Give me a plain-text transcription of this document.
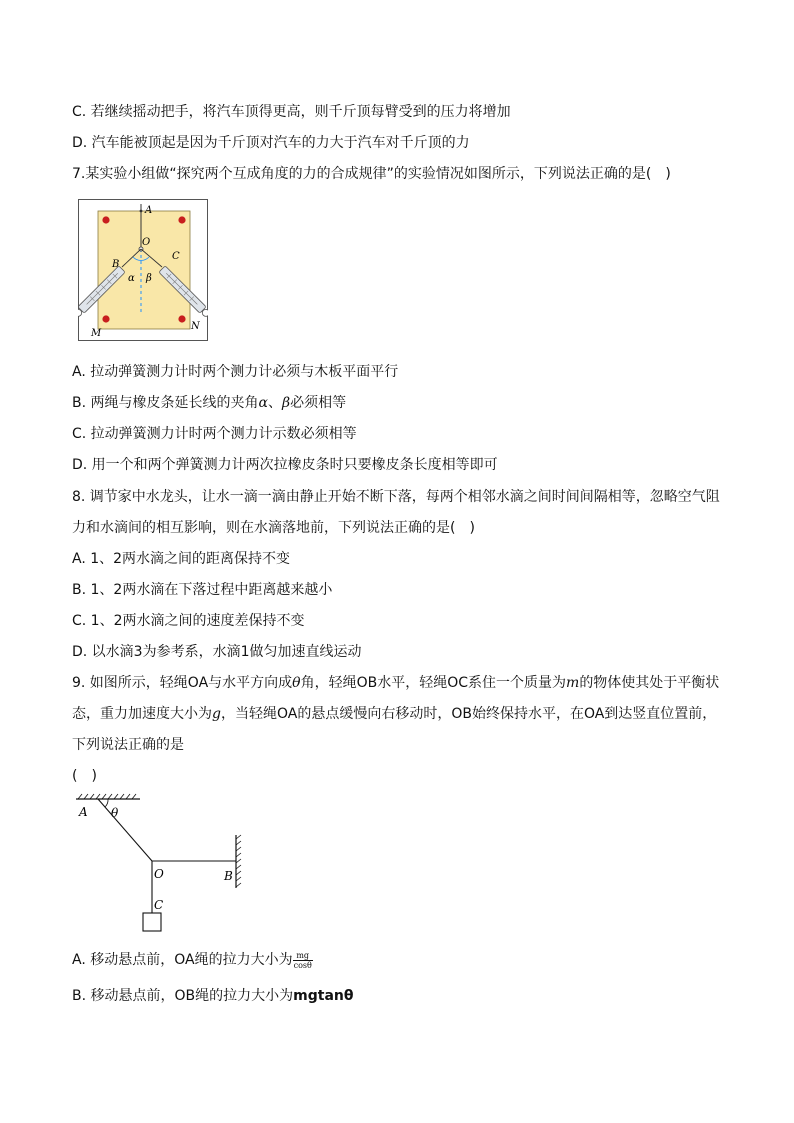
C. 若继续摇动把手，将汽车顶得更高，则千斤顶每臂受到的压力将增加
D. 汽车能被顶起是因为千斤顶对汽车的力大于汽车对千斤顶的力
7.某实验小组做“探究两个互成角度的力的合成规律”的实验情况如图所示，下列说法正确的是(　)
A
O
B
C
α β
M
N
A. 拉动弹簧测力计时两个测力计必须与木板平面平行
B. 两绳与橡皮条延长线的夹角α、β必须相等
C. 拉动弹簧测力计时两个测力计示数必须相等
D. 用一个和两个弹簧测力计两次拉橡皮条时只要橡皮条长度相等即可
8. 调节家中水龙头，让水一滴一滴由静止开始不断下落，每两个相邻水滴之间时间间隔相等，忽略空气阻
力和水滴间的相互影响，则在水滴落地前，下列说法正确的是(　)
A. 1、2两水滴之间的距离保持不变
B. 1、2两水滴在下落过程中距离越来越小
C. 1、2两水滴之间的速度差保持不变
D. 以水滴3为参考系，水滴1做匀加速直线运动
9. 如图所示，轻绳OA与水平方向成θ角，轻绳OB水平，轻绳OC系住一个质量为m的物体使其处于平衡状
态，重力加速度大小为g，当轻绳OA的悬点缓慢向右移动时，OB始终保持水平，在OA到达竖直位置前，
下列说法正确的是
(　)
A θ
O	B
C
A. 移动悬点前，OA绳的拉力大小为 $\frac{mg}{\cos\theta}$
B. 移动悬点前，OB绳的拉力大小为mgtanθ
